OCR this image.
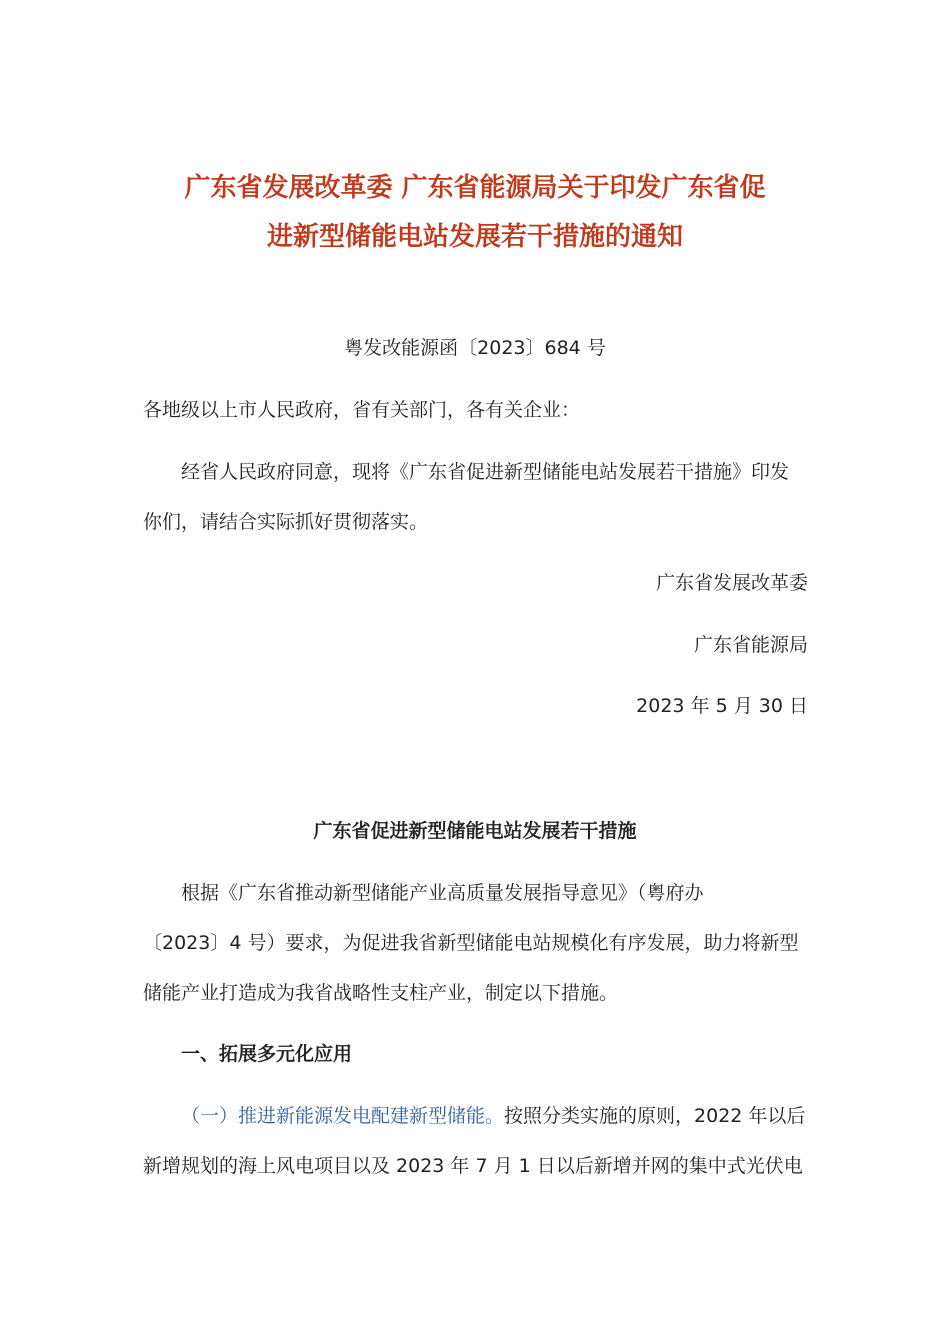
广东省发展改革委 广东省能源局关于印发广东省促
进新型储能电站发展若干措施的通知
粤发改能源函〔2023〕684 号
各地级以上市人民政府，省有关部门，各有关企业：
经省人民政府同意，现将《广东省促进新型储能电站发展若干措施》印发
你们，请结合实际抓好贯彻落实。
广东省发展改革委
广东省能源局
2023 年 5 月 30 日
广东省促进新型储能电站发展若干措施
根据《广东省推动新型储能产业高质量发展指导意见》（粤府办
〔2023〕4 号）要求，为促进我省新型储能电站规模化有序发展，助力将新型
储能产业打造成为我省战略性支柱产业，制定以下措施。
一、拓展多元化应用
（一）推进新能源发电配建新型储能。按照分类实施的原则，2022 年以后
新增规划的海上风电项目以及 2023 年 7 月 1 日以后新增并网的集中式光伏电
